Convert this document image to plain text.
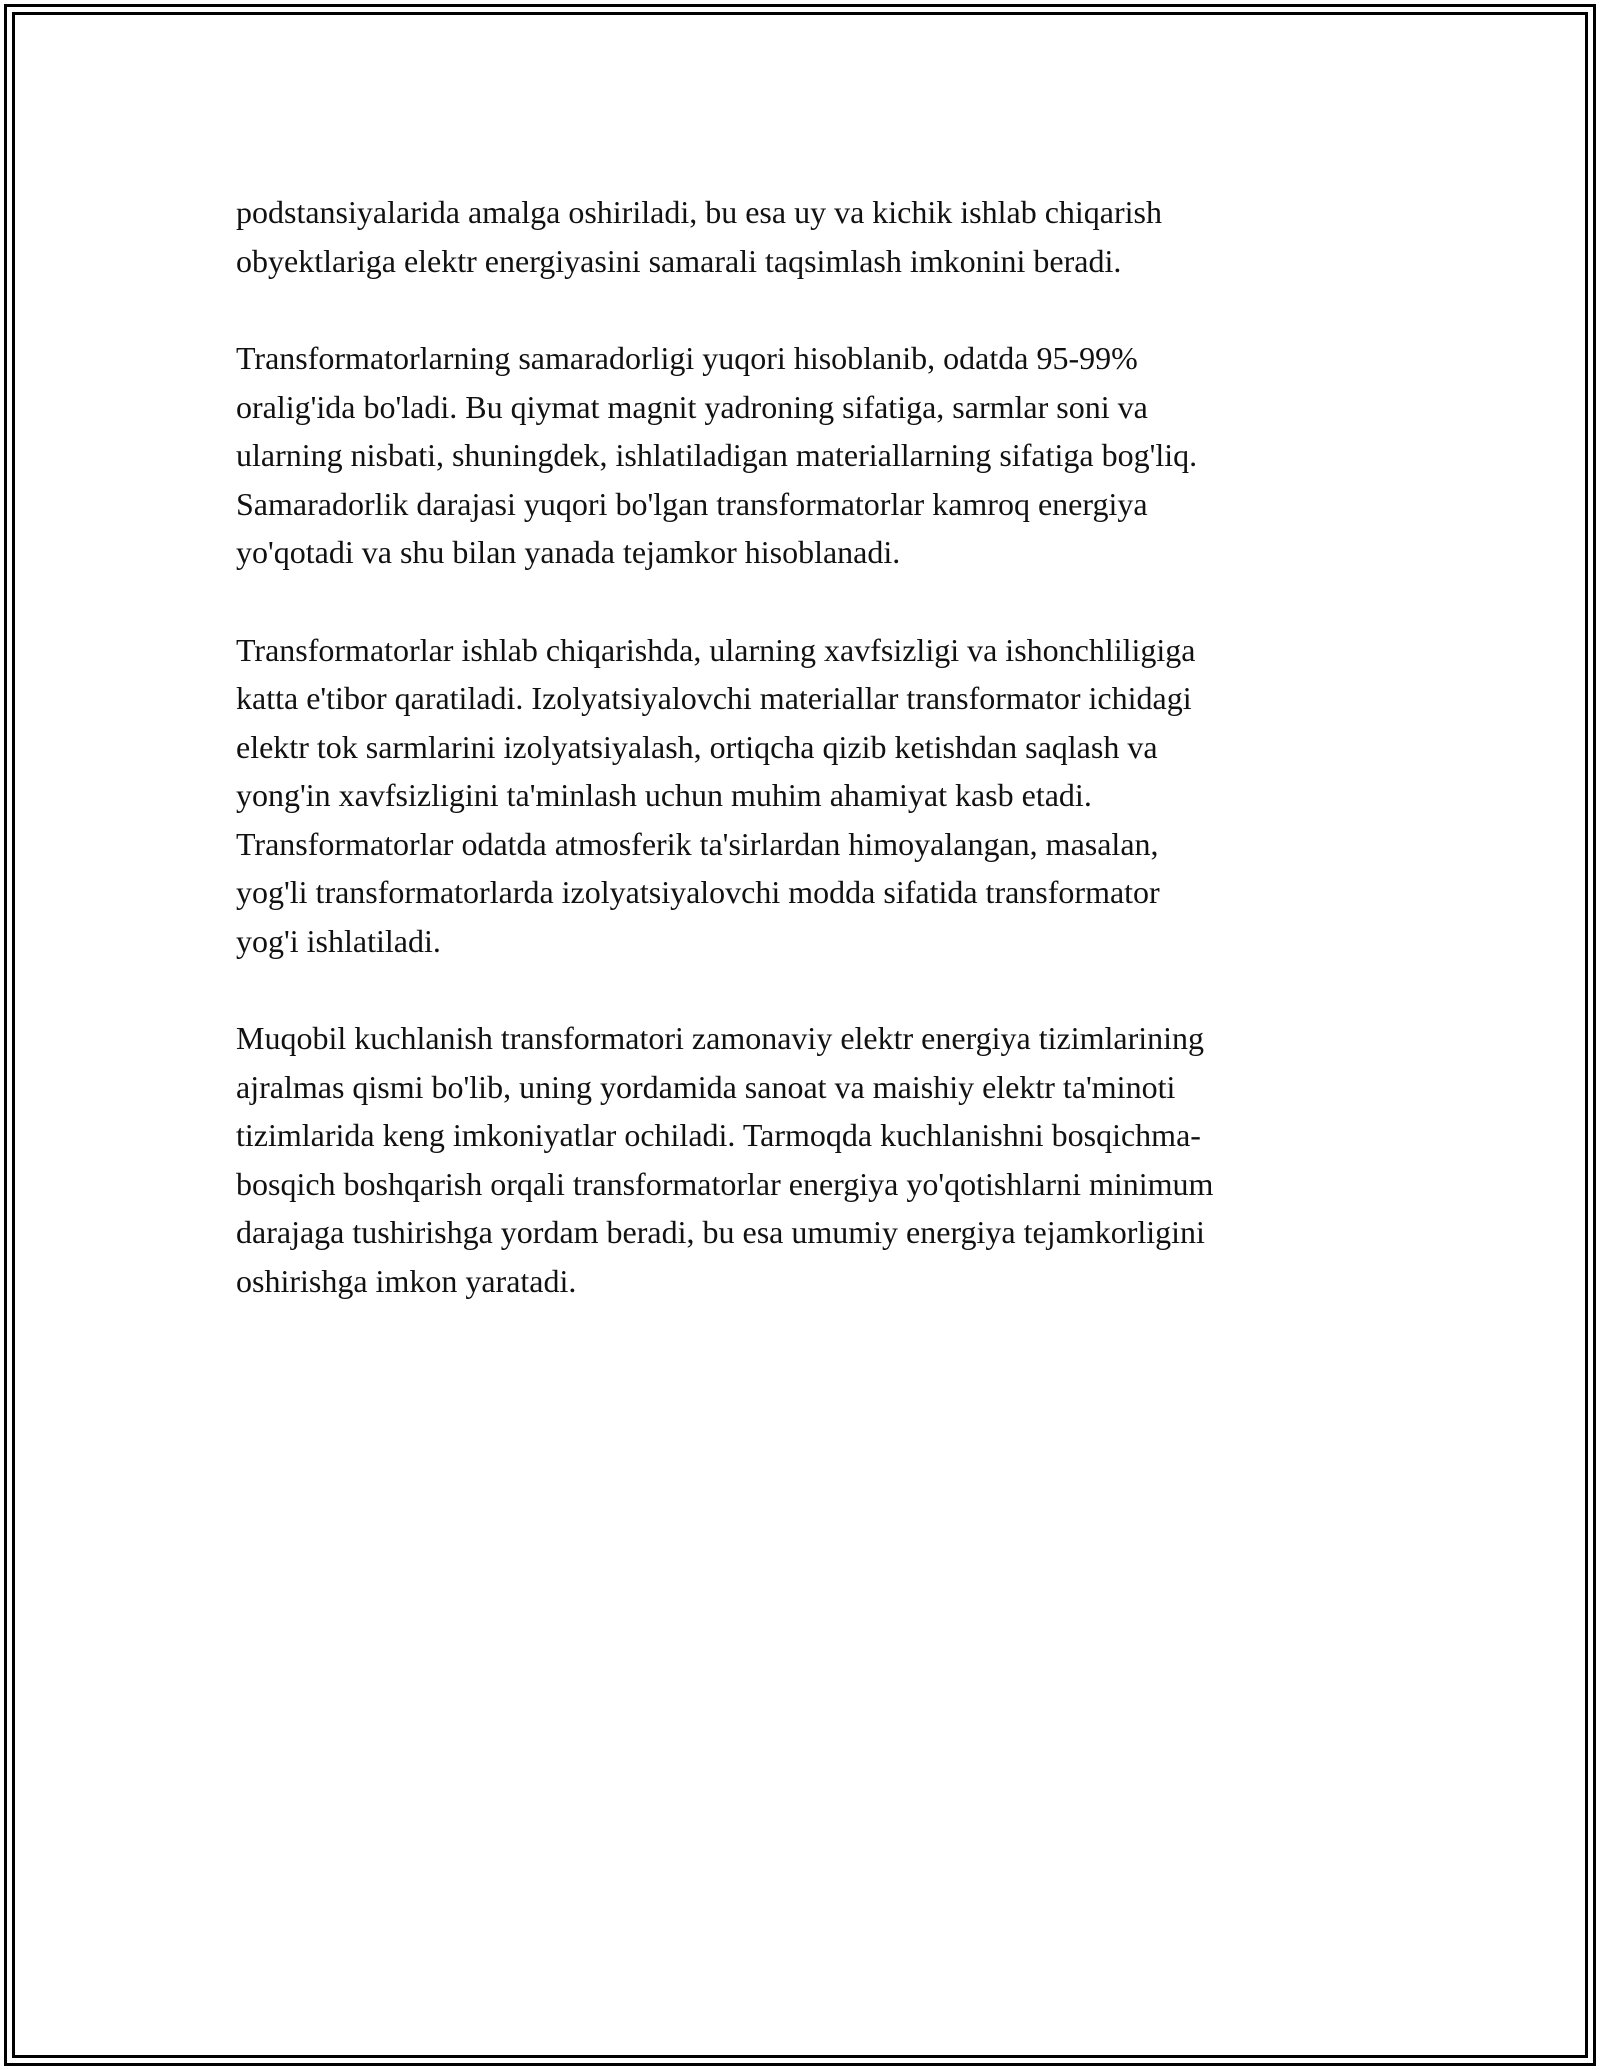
podstansiyalarida amalga oshiriladi, bu esa uy va kichik ishlab chiqarish
obyektlariga elektr energiyasini samarali taqsimlash imkonini beradi.

Transformatorlarning samaradorligi yuqori hisoblanib, odatda 95-99%
oralig'ida bo'ladi. Bu qiymat magnit yadroning sifatiga, sarmlar soni va
ularning nisbati, shuningdek, ishlatiladigan materiallarning sifatiga bog'liq.
Samaradorlik darajasi yuqori bo'lgan transformatorlar kamroq energiya
yo'qotadi va shu bilan yanada tejamkor hisoblanadi.

Transformatorlar ishlab chiqarishda, ularning xavfsizligi va ishonchliligiga
katta e'tibor qaratiladi. Izolyatsiyalovchi materiallar transformator ichidagi
elektr tok sarmlarini izolyatsiyalash, ortiqcha qizib ketishdan saqlash va
yong'in xavfsizligini ta'minlash uchun muhim ahamiyat kasb etadi.
Transformatorlar odatda atmosferik ta'sirlardan himoyalangan, masalan,
yog'li transformatorlarda izolyatsiyalovchi modda sifatida transformator
yog'i ishlatiladi.

Muqobil kuchlanish transformatori zamonaviy elektr energiya tizimlarining
ajralmas qismi bo'lib, uning yordamida sanoat va maishiy elektr ta'minoti
tizimlarida keng imkoniyatlar ochiladi. Tarmoqda kuchlanishni bosqichma-
bosqich boshqarish orqali transformatorlar energiya yo'qotishlarni minimum
darajaga tushirishga yordam beradi, bu esa umumiy energiya tejamkorligini
oshirishga imkon yaratadi.
